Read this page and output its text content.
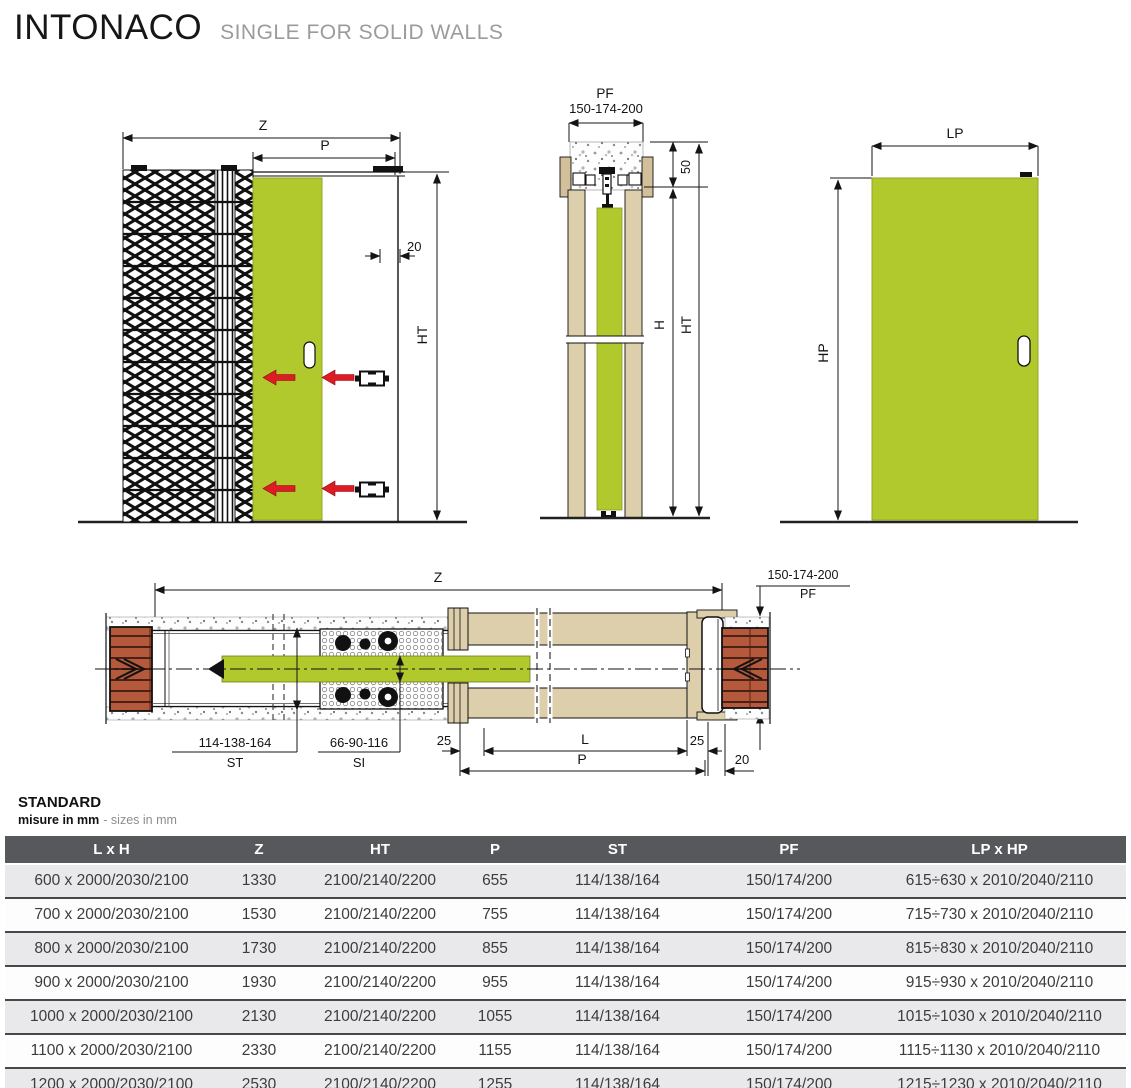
INTONACO SINGLE FOR SOLID WALLS
Z
P
20
HT
PF
150-174-200
50
H HT
LP
HP
Z	150-174-200
PF
114-138-164
ST
66-90-116
SI
25	L	25
P	20
STANDARD
misure in mm - sizes in mm
L x H	Z	HT	P	ST	PF	LP x HP
600 x 2000/2030/2100	1330	2100/2140/2200	655	114/138/164	150/174/200	615÷630 x 2010/2040/2110
700 x 2000/2030/2100	1530	2100/2140/2200	755	114/138/164	150/174/200	715÷730 x 2010/2040/2110
800 x 2000/2030/2100	1730	2100/2140/2200	855	114/138/164	150/174/200	815÷830 x 2010/2040/2110
900 x 2000/2030/2100	1930	2100/2140/2200	955	114/138/164	150/174/200	915÷930 x 2010/2040/2110
1000 x 2000/2030/2100	2130	2100/2140/2200	1055	114/138/164	150/174/200	1015÷1030 x 2010/2040/2110
1100 x 2000/2030/2100	2330	2100/2140/2200	1155	114/138/164	150/174/200	1115÷1130 x 2010/2040/2110
1200 x 2000/2030/2100	2530	2100/2140/2200	1255	114/138/164	150/174/200	1215÷1230 x 2010/2040/2110
